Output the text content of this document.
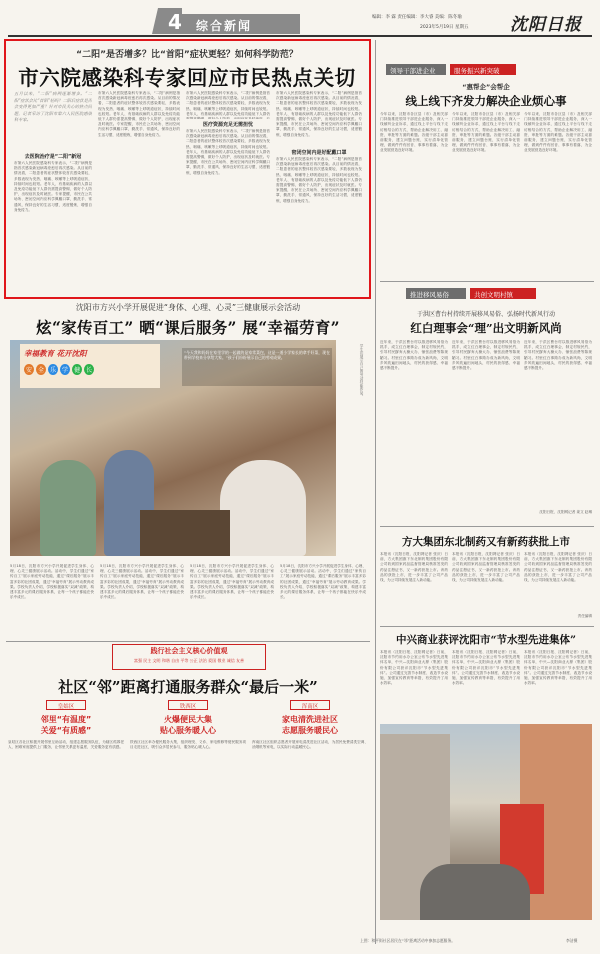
4 综合新闻
编辑：李 霖 责任编辑：李大睿 美编：陈冬瑜
2023年5月19日 星期五 沈阳日报
“二阳”是否增多？比“首阳”症状更轻？如何科学防范？
市六院感染科专家回应市民热点关切
五月以来，“二阳”病例逐渐增多。“二阳”症状会比“首阳”轻吗？二阳后症状是否会变得更加严重？针对市民关心的热点问题，记者采访了沈阳市第六人民医院感染科专家。
去医院治疗是“二阳”新冠
市第六人民医院感染科专家表示，“二阳”病例是指首次感染新冠病毒痊愈后再次感染。从目前的情况看，二阳患者的症状整体较首次感染要轻，多数表现为发热、咽痛、咳嗽等上呼吸道症状，持续时间也较短。老年人、有基础疾病的人群以及免疫功能低下人群仍需提高警惕，做好个人防护，出现症状及时就医。专家提醒，市民在公共场所、密闭空间内应科学佩戴口罩，勤洗手、常通风，保持良好的生活习惯，适度锻炼，增强自身免疫力。
市第六人民医院感染科专家表示，“二阳”病例是指首次感染新冠病毒痊愈后再次感染。从目前的情况看，二阳患者的症状整体较首次感染要轻，多数表现为发热、咽痛、咳嗽等上呼吸道症状，持续时间也较短。老年人、有基础疾病的人群以及免疫功能低下人群仍需提高警惕，做好个人防护，出现症状及时就医。专家提醒，市民在公共场所、密闭空间内应科学佩戴口罩，勤洗手、常通风，保持良好的生活习惯，适度锻炼，增强自身免疫力。
医疗资源充足无需担忧
市第六人民医院感染科专家表示，“二阳”病例是指首次感染新冠病毒痊愈后再次感染。从目前的情况看，二阳患者的症状整体较首次感染要轻，多数表现为发热、咽痛、咳嗽等上呼吸道症状，持续时间也较短。老年人、有基础疾病的人群以及免疫功能低下人群仍
市第六人民医院感染科专家表示，“二阳”病例是指首次感染新冠病毒痊愈后再次感染。从目前的情况看，二阳患者的症状整体较首次感染要轻，多数表现为发热、咽痛、咳嗽等上呼吸道症状，持续时间也较短。老年人、有基础疾病的人群以及免疫功能低下人群仍需提高警惕，做好个人防护，出现症状及时就医。专家提醒，市民在公共场所、密闭空间内应科学佩戴口罩，勤洗手、常通风，保持良好的生活习惯，适度锻炼，增强自身免疫力。
密闭空间内是好配戴口罩
市第六人民医院感染科专家表示，“二阳”病例是指首次感染新冠病毒痊愈后再次感染。从目前的情况看，二阳患者的症状整体较首次感染要轻，多数表现为发热、咽痛、咳嗽等上呼吸道症状，持续时间也较短。老年人、有基础疾病的人群以及免疫功能低下人群仍需提高警惕，做好个人防护，出现症状及时就医。专家提醒，市民在公共场所、密闭空间内应科学佩戴口罩，勤洗手、常通风，保持良好的生活习惯，适度锻炼，增强自身免疫力。
市第六人民医院感染科专家表示，“二阳”病例是指首次感染新冠病毒痊愈后再次感染。从目前的情况看，二阳患者的症状整体较首次感染要轻，多数表现为发热、咽痛、咳嗽等上呼吸道症状，持续时间也较短。老年人、有基础疾病的人群以及免疫功能低下人群仍需提高警惕，做好个人防护，出现症状及时就医。专家提醒，市民在公共场所、密闭空间内应科学佩戴口罩，勤洗手、常通风，保持良好的生活习惯，适度锻炼，增强自身免疫力。
领导干部进企业	服务振兴新突破
“惠帮企”会帮企
线上线下齐发力解决企业烦心事
今年以来，沈阳市各区县（市）及相关部门持续推进领导干部进企业服务，深入一线倾听企业诉求，通过线上平台与线下走访相结合的方式，帮助企业解决用工、融资、审批等方面的难题。各级干部主动靠前服务，建立问题台账，实行清单化管理，做到件件有回音、事事有着落，为企业发展营造良好环境。
今年以来，沈阳市各区县（市）及相关部门持续推进领导干部进企业服务，深入一线倾听企业诉求，通过线上平台与线下走访相结合的方式，帮助企业解决用工、融资、审批等方面的难题。各级干部主动靠前服务，建立问题台账，实行清单化管理，做到件件有回音、事事有着落，为企业发展营造良好环境。
今年以来，沈阳市各区县（市）及相关部门持续推进领导干部进企业服务，深入一线倾听企业诉求，通过线上平台与线下走访相结合的方式，帮助企业解决用工、融资、审批等方面的难题。各级干部主动靠前服务，建立问题台账，实行清单化管理，做到件件有回音、事事有着落，为企业发展营造良好环境。
推进移风易俗	共创文明村镇
于洪区曹台村持续开展移风易俗、弘扬时代新风行动
红白理事会“理”出文明新风尚
近年来，于洪区曹台村以推进移风易俗为抓手，成立红白理事会，制定村规民约，引导村民摒弃大操大办、铺张浪费等陈规陋习。村里红白事简办成为新风尚，文明乡风吹遍田间地头，村民的获得感、幸福感不断提升。
近年来，于洪区曹台村以推进移风易俗为抓手，成立红白理事会，制定村规民约，引导村民摒弃大操大办、铺张浪费等陈规陋习。村里红白事简办成为新风尚，文明乡风吹遍田间地头，村民的获得感、幸福感不断提升。
近年来，于洪区曹台村以推进移风易俗为抓手，成立红白理事会，制定村规民约，引导村民摒弃大操大办、铺张浪费等陈规陋习。村里红白事简办成为新风尚，文明乡风吹遍田间地头，村民的获得感、幸福感不断提升。
沈阳日报、沈阳网记者 姜文 赵琳
沈阳市方兴小学开展促进“身体、心理、心灵”三健康展示会活动
炫“家传百工” 晒“课后服务” 展“幸福劳育”
幸福教育 花开沈阳
安	全	乐	学	健	长
“今天我和妈妈在家里学的一起做的是家常菜包，这是一道小学家长的拿手好菜，现在带到学校来分享给大家。”孩子们纷纷展示自己的劳动成果。	学生们展示自己的劳动技能作品。
5月18日，沈阳市方兴小学开展促进学生身体、心理、心灵三健康展示活动。活动中，学生们通过“家传百工”展示家庭劳动技能，通过“课后服务”展示丰富多彩的社团成果，通过“幸福劳育”展示劳动教育成果。学校负责人介绍，学校积极落实“双减”政策，构建丰富多元的课后服务体系，让每一个孩子都能在快乐中成长。
5月18日，沈阳市方兴小学开展促进学生身体、心理、心灵三健康展示活动。活动中，学生们通过“家传百工”展示家庭劳动技能，通过“课后服务”展示丰富多彩的社团成果，通过“幸福劳育”展示劳动教育成果。学校负责人介绍，学校积极落实“双减”政策，构建丰富多元的课后服务体系，让每一个孩子都能在快乐中成长。
5月18日，沈阳市方兴小学开展促进学生身体、心理、心灵三健康展示活动。活动中，学生们通过“家传百工”展示家庭劳动技能，通过“课后服务”展示丰富多彩的社团成果，通过“幸福劳育”展示劳动教育成果。学校负责人介绍，学校积极落实“双减”政策，构建丰富多元的课后服务体系，让每一个孩子都能在快乐中成长。
5月18日，沈阳市方兴小学开展促进学生身体、心理、心灵三健康展示活动。活动中，学生们通过“家传百工”展示家庭劳动技能，通过“课后服务”展示丰富多彩的社团成果，通过“幸福劳育”展示劳动教育成果。学校负责人介绍，学校积极落实“双减”政策，构建丰富多元的课后服务体系，让每一个孩子都能在快乐中成长。
方大集团东北制药又有新药获批上市
本报讯（沈阳日报、沈阳网记者 张庆）日前，方大集团旗下东北制药集团股份有限公司收到国家药品监督管理局核准签发的药品注册证书，又一新药获批上市。该药品的获批上市，进一步丰富了公司产品线，为公司持续发展注入新动能。
本报讯（沈阳日报、沈阳网记者 张庆）日前，方大集团旗下东北制药集团股份有限公司收到国家药品监督管理局核准签发的药品注册证书，又一新药获批上市。该药品的获批上市，进一步丰富了公司产品线，为公司持续发展注入新动能。
本报讯（沈阳日报、沈阳网记者 张庆）日前，方大集团旗下东北制药集团股份有限公司收到国家药品监督管理局核准签发的药品注册证书，又一新药获批上市。该药品的获批上市，进一步丰富了公司产品线，为公司持续发展注入新动能。
责任编辑
中兴商业获评沈阳市“节水型先进集体”
本报讯（沈阳日报、沈阳网记者）日前，沈阳市节约用水办公室公布节水型先进集体名单，中兴—沈阳商业大厦（集团）股份有限公司获评沈阳市“节水型先进集体”。公司通过完善节水制度、改造节水设施、加强宣传教育等举措，有效提升了用水效率。
本报讯（沈阳日报、沈阳网记者）日前，沈阳市节约用水办公室公布节水型先进集体名单，中兴—沈阳商业大厦（集团）股份有限公司获评沈阳市“节水型先进集体”。公司通过完善节水制度、改造节水设施、加强宣传教育等举措，有效提升了用水效率。
本报讯（沈阳日报、沈阳网记者）日前，沈阳市节约用水办公室公布节水型先进集体名单，中兴—沈阳商业大厦（集团）股份有限公司获评沈阳市“节水型先进集体”。公司通过完善节水制度、改造节水设施、加强宣传教育等举措，有效提升了用水效率。
践行社会主义核心价值观
富强 民主 文明 和谐 自由 平等 公正 法治 爱国 敬业 诚信 友善
社区“邻”距离打通服务群众“最后一米”
皇姑区
邻里“有温度”
关爱“有质感”
皇姑区各社区积极开展邻里互助活动，组建志愿服务队伍，为辖区孤寡老人、困难家庭提供上门服务，让邻里关系更有温度，关爱服务更有质感。
铁西区
火爆便民大集
贴心服务暖人心
铁西区社区举办便民服务大集，组织理发、义诊、家电维修等便民服务项目走进社区，吸引众多居民参与，服务贴心暖人心。
浑南区
家电清洗进社区
志愿服务暖民心
浑南区社区组织志愿者开展家电清洗进社区活动，为居民免费清洗空调、油烟机等家电，以实际行动温暖民心。
上图：和平街社区居民在“邻”距离活动中参加志愿服务。	李洁摄
